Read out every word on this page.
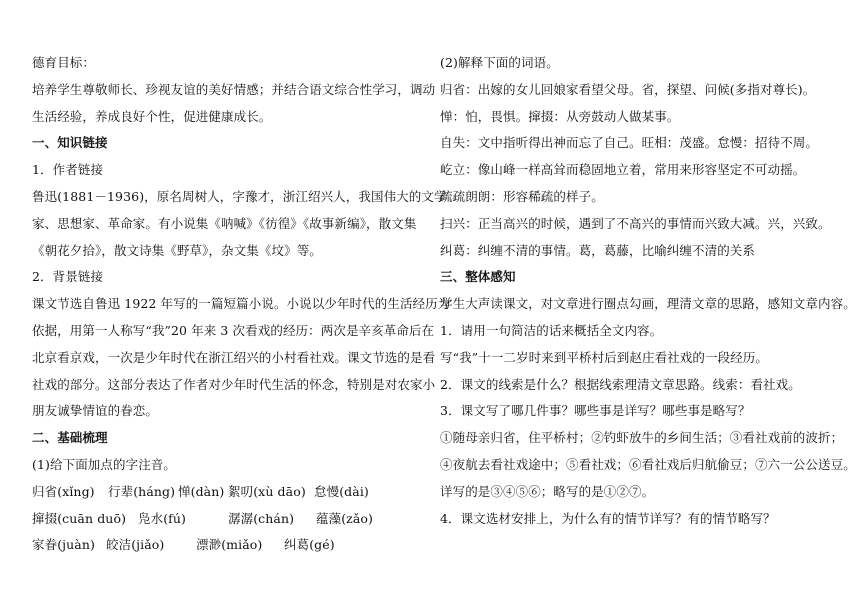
德育目标：
培养学生尊敬师长、珍视友谊的美好情感；并结合语文综合性学习，调动
生活经验，养成良好个性，促进健康成长。
一、知识链接
1．作者链接
鲁迅(1881－1936)，原名周树人，字豫才，浙江绍兴人，我国伟大的文学
家、思想家、革命家。有小说集《呐喊》《彷徨》《故事新编》，散文集
《朝花夕拾》，散文诗集《野草》，杂文集《坟》等。
2．背景链接
课文节选自鲁迅 1922 年写的一篇短篇小说。小说以少年时代的生活经历为
依据，用第一人称写“我”20 年来 3 次看戏的经历：两次是辛亥革命后在
北京看京戏，一次是少年时代在浙江绍兴的小村看社戏。课文节选的是看
社戏的部分。这部分表达了作者对少年时代生活的怀念，特别是对农家小
朋友诚挚情谊的眷恋。
二、基础梳理
(1)给下面加点的字注音。
归省(xǐng)	行辈(háng) 惮(dàn) 絮叨(xù dāo) 怠慢(dài)
撺掇(cuān duō) 凫水(fú)	潺潺(chán)	蕴藻(zǎo)
家眷(juàn) 皎洁(jiǎo)	漂渺(miǎo)	纠葛(gé)
(2)解释下面的词语。
归省：出嫁的女儿回娘家看望父母。省，探望、问候(多指对尊长)。
惮：怕，畏惧。撺掇：从旁鼓动人做某事。
自失：文中指听得出神而忘了自己。旺相：茂盛。怠慢：招待不周。
屹立：像山峰一样高耸而稳固地立着，常用来形容坚定不可动摇。
疏疏朗朗：形容稀疏的样子。
扫兴：正当高兴的时候，遇到了不高兴的事情而兴致大减。兴，兴致。
纠葛：纠缠不清的事情。葛，葛藤，比喻纠缠不清的关系
三、整体感知
学生大声读课文，对文章进行圈点勾画，理清文章的思路，感知文章内容。
1．请用一句简洁的话来概括全文内容。
写“我”十一二岁时来到平桥村后到赵庄看社戏的一段经历。
2．课文的线索是什么？根据线索理清文章思路。线索：看社戏。
3．课文写了哪几件事？哪些事是详写？哪些事是略写？
①随母亲归省，住平桥村；②钓虾放牛的乡间生活；③看社戏前的波折；
④夜航去看社戏途中；⑤看社戏；⑥看社戏后归航偷豆；⑦六一公公送豆。
详写的是③④⑤⑥；略写的是①②⑦。
4．课文选材安排上，为什么有的情节详写？有的情节略写？
